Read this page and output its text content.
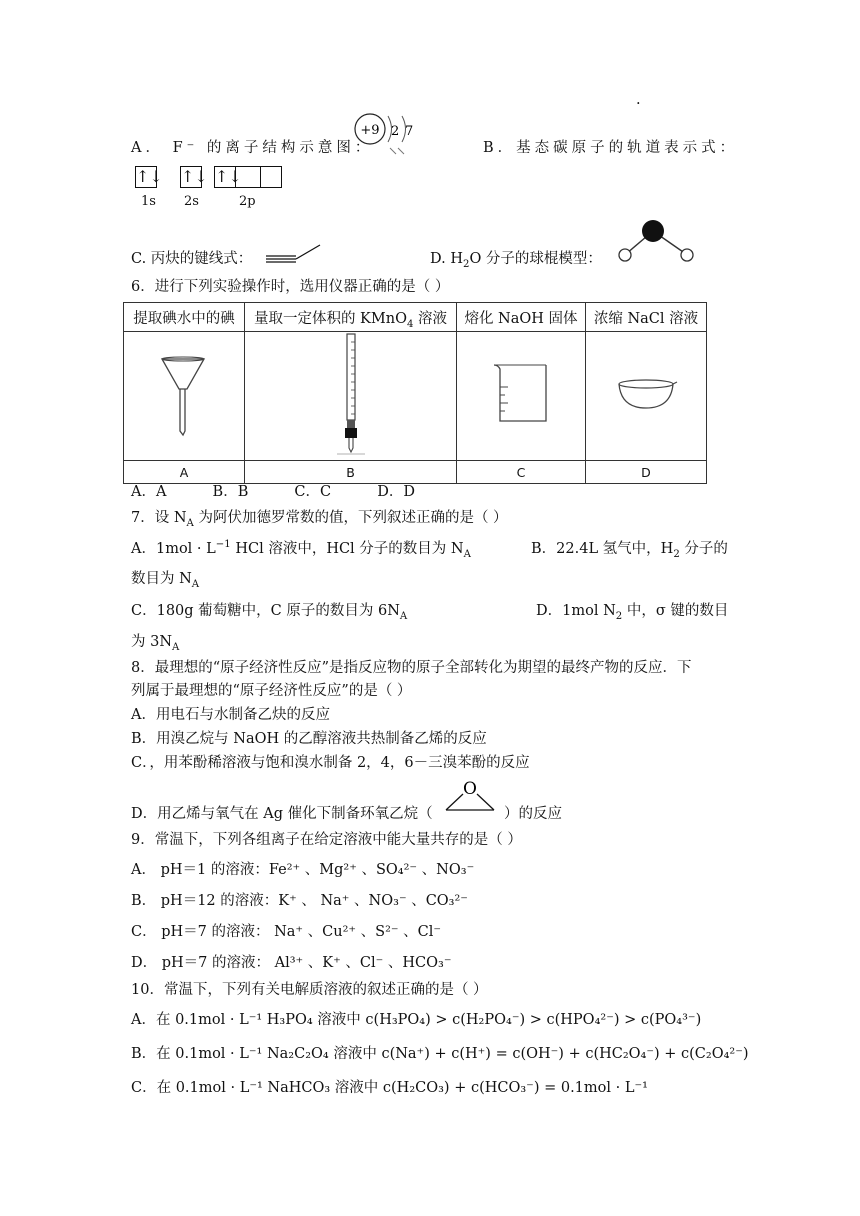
.
A． F⁻ 的离子结构示意图：
+9 2 7
B．基态碳原子的轨道表示式：
↑↓ ↑↓ ↑↓
1s 2s	2p
C. 丙炔的键线式：	D. $H_2O$ 分子的球棍模型：
6．进行下列实验操作时，选用仪器正确的是（ ）
提取碘水中的碘	量取一定体积的 KMnO$_4$ 溶液	熔化 NaOH 固体	浓缩 NaCl 溶液

A	B	C	D
A．A          B．B          C．C          D．D
7．设 $N_A$ 为阿伏加德罗常数的值，下列叙述正确的是（ ）
A．$1mol \cdot L^{-1}$ HCl 溶液中，HCl 分子的数目为 $N_A$	B．22.4L 氢气中，$H_2$ 分子的
数目为 $N_A$
C．180g 葡萄糖中，C 原子的数目为 $6N_A$	D．1mol $N_2$ 中，σ 键的数目
为 $3N_A$
8．最理想的“原子经济性反应”是指反应物的原子全部转化为期望的最终产物的反应．下
列属于最理想的“原子经济性反应”的是（ ）
A．用电石与水制备乙炔的反应
B．用溴乙烷与 NaOH 的乙醇溶液共热制备乙烯的反应
C．，用苯酚稀溶液与饱和溴水制备 2，4，6－三溴苯酚的反应
D．用乙烯与氧气在 Ag 催化下制备环氧乙烷（
O
）的反应
9．常温下，下列各组离子在给定溶液中能大量共存的是（ ）
A． pH＝1 的溶液：Fe²⁺ 、Mg²⁺ 、SO₄²⁻ 、NO₃⁻
B． pH＝12 的溶液：K⁺ 、 Na⁺ 、NO₃⁻ 、CO₃²⁻
C． pH＝7 的溶液： Na⁺ 、Cu²⁺ 、S²⁻ 、Cl⁻
D． pH＝7 的溶液： Al³⁺ 、K⁺ 、Cl⁻ 、HCO₃⁻
10．常温下，下列有关电解质溶液的叙述正确的是（ ）
A．在 0.1mol · L⁻¹ H₃PO₄ 溶液中 c(H₃PO₄) > c(H₂PO₄⁻) > c(HPO₄²⁻) > c(PO₄³⁻)
B．在 0.1mol · L⁻¹ Na₂C₂O₄ 溶液中 c(Na⁺) + c(H⁺) = c(OH⁻) + c(HC₂O₄⁻) + c(C₂O₄²⁻)
C．在 0.1mol · L⁻¹ NaHCO₃ 溶液中 c(H₂CO₃) + c(HCO₃⁻) = 0.1mol · L⁻¹
